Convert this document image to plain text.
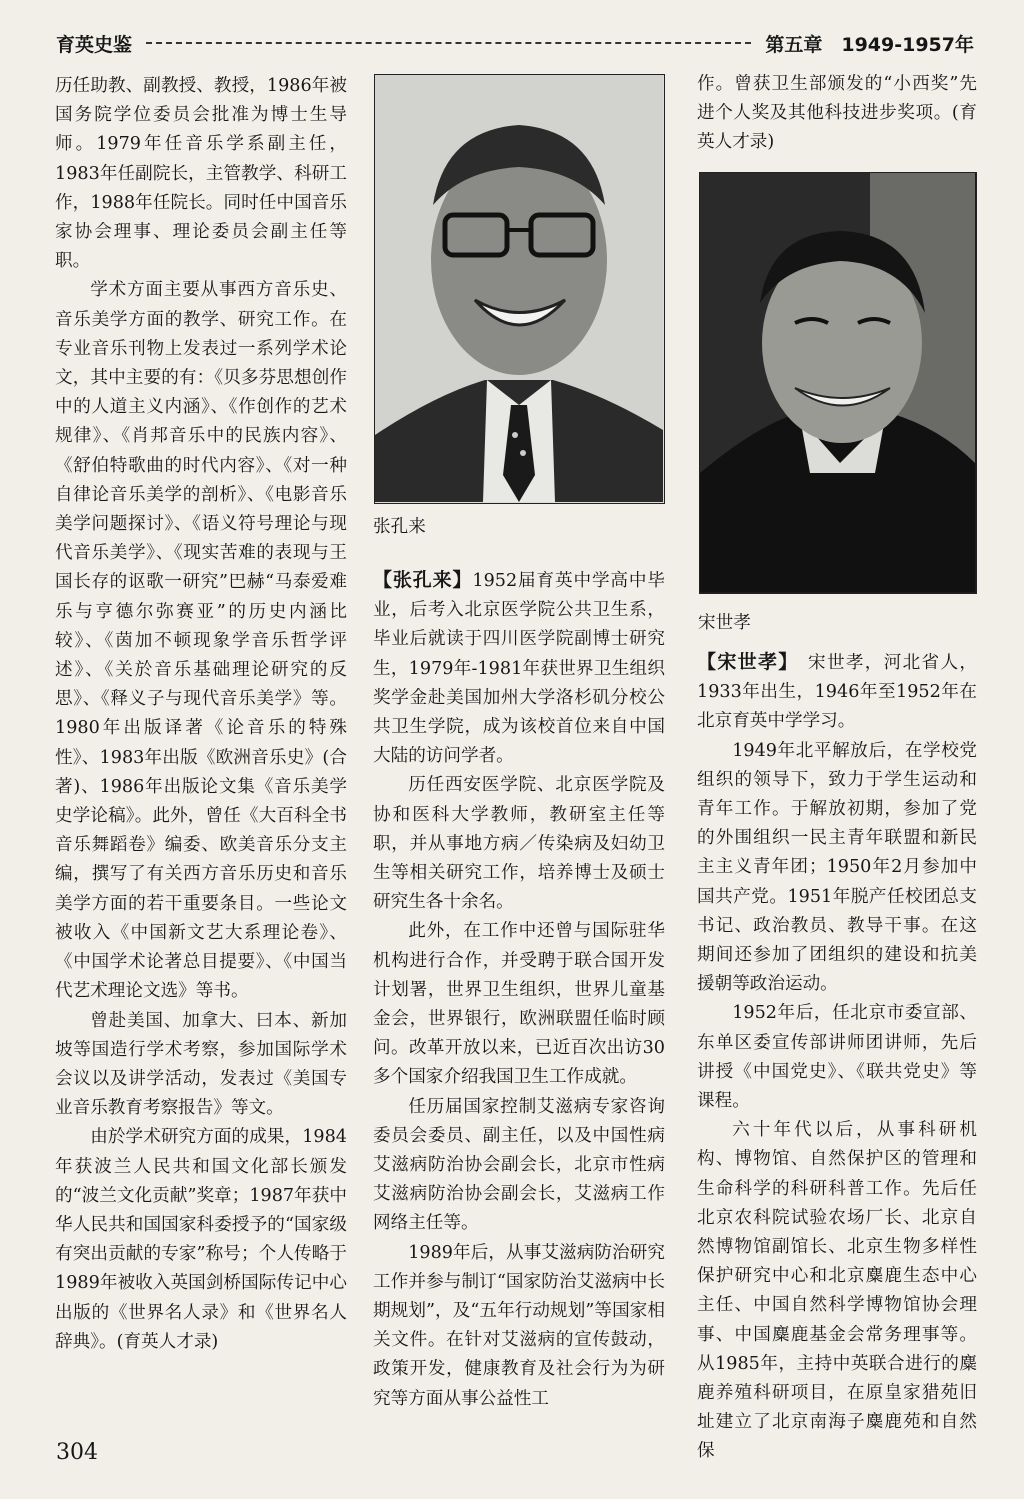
育英史鉴	第五章　1949-1957年

历任助教、副教授、教授，1986年被国务院学位委员会批准为博士生导师。1979年任音乐学系副主任，1983年任副院长，主管教学、科研工作，1988年任院长。同时任中国音乐家协会理事、理论委员会副主任等职。

学术方面主要从事西方音乐史、音乐美学方面的教学、研究工作。在专业音乐刊物上发表过一系列学术论文，其中主要的有：《贝多芬思想创作中的人道主义内涵》、《作创作的艺术规律》、《肖邦音乐中的民族内容》、《舒伯特歌曲的时代内容》、《对一种自律论音乐美学的剖析》、《电影音乐美学问题探讨》、《语义符号理论与现代音乐美学》、《现实苦难的表现与王国长存的讴歌一研究”巴赫“马泰爱难乐与亨德尔弥赛亚”的历史内涵比较》、《茵加不顿现象学音乐哲学评述》、《关於音乐基础理论研究的反思》、《释义子与现代音乐美学》等。1980年出版译著《论音乐的特殊性》、1983年出版《欧洲音乐史》(合著)、1986年出版论文集《音乐美学史学论稿》。此外，曾任《大百科全书音乐舞蹈卷》编委、欧美音乐分支主编，撰写了有关西方音乐历史和音乐美学方面的若干重要条目。一些论文被收入《中国新文艺大系理论卷》、《中国学术论著总目提要》、《中国当代艺术理论文选》等书。

曾赴美国、加拿大、曰本、新加坡等国造行学术考察，参加国际学术会议以及讲学活动，发表过《美国专业音乐教育考察报告》等文。

由於学术研究方面的成果，1984年获波兰人民共和国文化部长颁发的“波兰文化贡献”奖章；1987年获中华人民共和国国家科委授予的“国家级有突出贡献的专家”称号；个人传略于1989年被收入英国剑桥国际传记中心出版的《世界名人录》和《世界名人辞典》。(育英人才录)

张孔来

【张孔来】1952届育英中学高中毕业，后考入北京医学院公共卫生系，毕业后就读于四川医学院副博士研究生，1979年-1981年获世界卫生组织奖学金赴美国加州大学洛杉矶分校公共卫生学院，成为该校首位来自中国大陆的访问学者。

历任西安医学院、北京医学院及协和医科大学教师，教研室主任等职，并从事地方病／传染病及妇幼卫生等相关研究工作，培养博士及硕士研究生各十余名。

此外，在工作中还曾与国际驻华机构进行合作，并受聘于联合国开发计划署，世界卫生组织，世界儿童基金会，世界银行，欧洲联盟任临时顾问。改革开放以来，已近百次出访30多个国家介绍我国卫生工作成就。

任历届国家控制艾滋病专家咨询委员会委员、副主任，以及中国性病艾滋病防治协会副会长，北京市性病艾滋病防治协会副会长，艾滋病工作网络主任等。

1989年后，从事艾滋病防治研究工作并参与制订“国家防治艾滋病中长期规划”，及“五年行动规划”等国家相关文件。在针对艾滋病的宣传鼓动，政策开发，健康教育及社会行为为研究等方面从事公益性工

作。曾获卫生部颁发的“小西奖”先进个人奖及其他科技进步奖项。(育英人才录)

宋世孝

【宋世孝】　宋世孝，河北省人，1933年出生，1946年至1952年在北京育英中学学习。

1949年北平解放后，在学校党组织的领导下，致力于学生运动和青年工作。于解放初期，参加了党的外围组织一民主青年联盟和新民主主义青年团；1950年2月参加中国共产党。1951年脱产任校团总支书记、政治教员、教导干事。在这期间还参加了团组织的建设和抗美援朝等政治运动。

1952年后，任北京市委宣部、东单区委宣传部讲师团讲师，先后讲授《中国党史》、《联共党史》等课程。

六十年代以后，从事科研机构、博物馆、自然保护区的管理和生命科学的科研科普工作。先后任北京农科院试验农场厂长、北京自然博物馆副馆长、北京生物多样性保护研究中心和北京麋鹿生态中心主任、中国自然科学博物馆协会理事、中国麋鹿基金会常务理事等。从1985年，主持中英联合进行的麋鹿养殖科研项目，在原皇家猎苑旧址建立了北京南海子麋鹿苑和自然保

304
